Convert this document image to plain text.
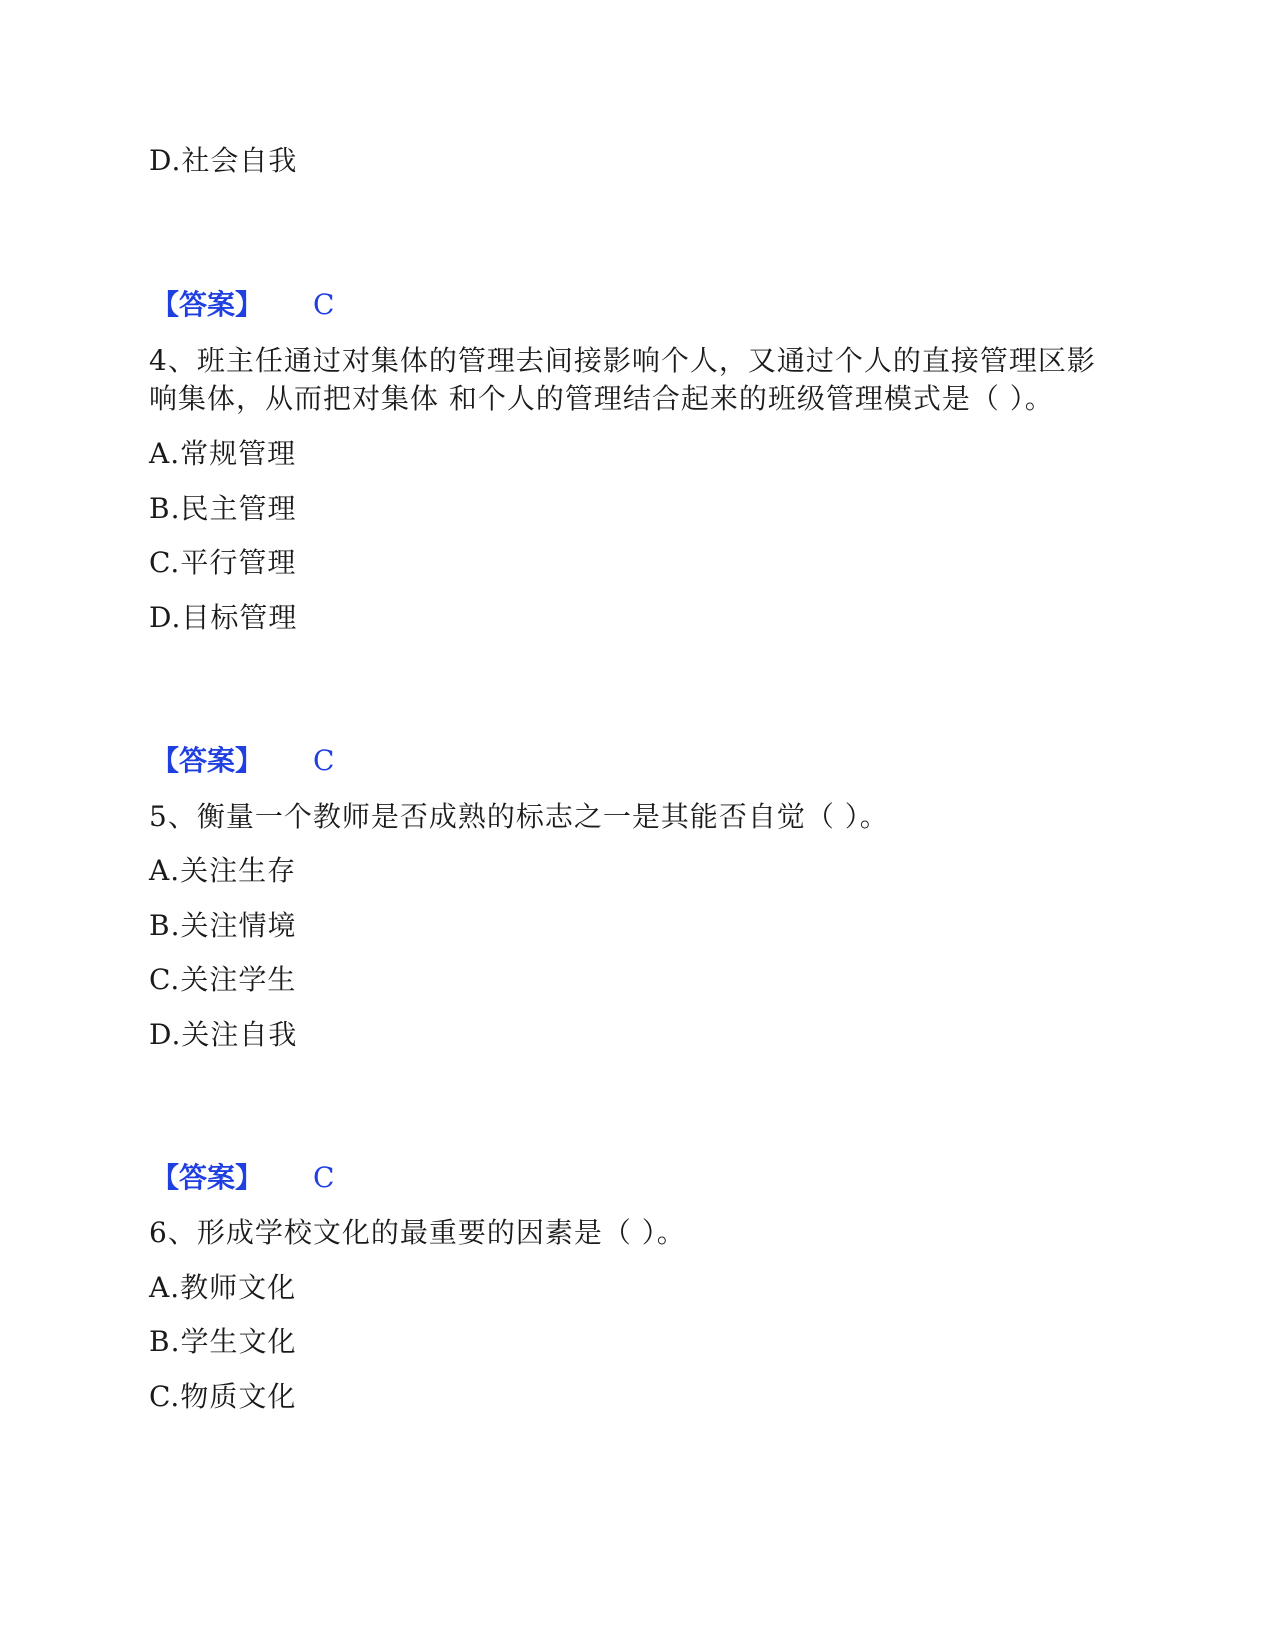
D.社会自我
【答案】 C
4、班主任通过对集体的管理去间接影响个人，又通过个人的直接管理区影
响集体，从而把对集体 和个人的管理结合起来的班级管理模式是（ ）。
A.常规管理
B.民主管理
C.平行管理
D.目标管理
【答案】 C
5、衡量一个教师是否成熟的标志之一是其能否自觉（ ）。
A.关注生存
B.关注情境
C.关注学生
D.关注自我
【答案】 C
6、形成学校文化的最重要的因素是（ ）。
A.教师文化
B.学生文化
C.物质文化
